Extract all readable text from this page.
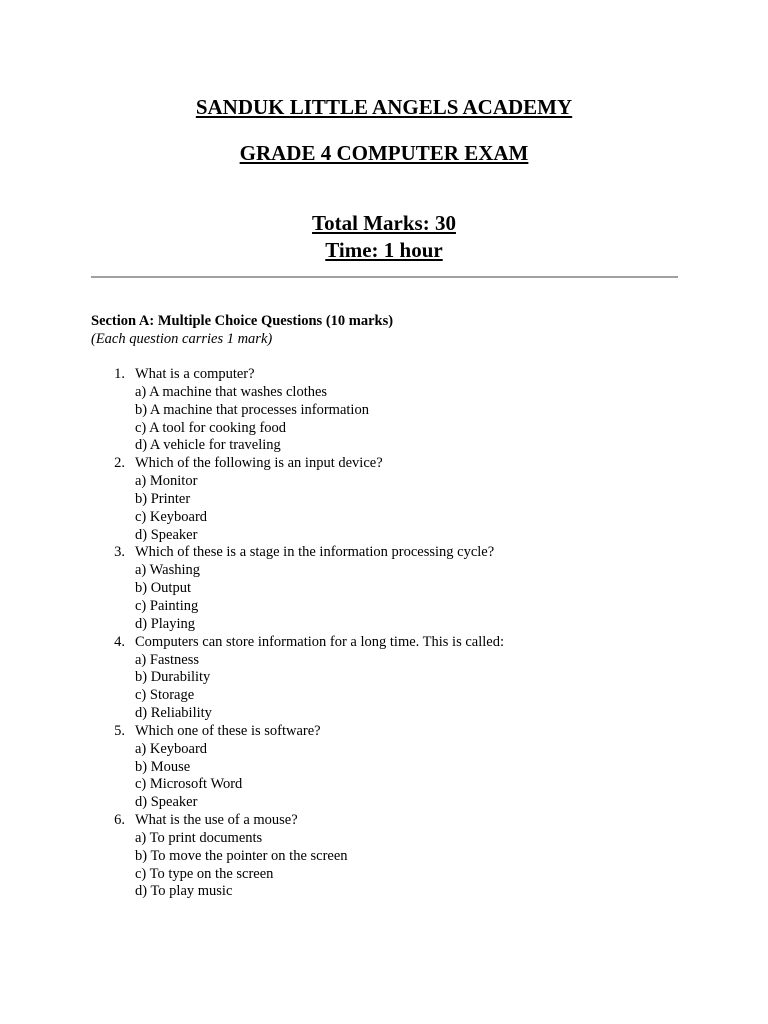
SANDUK LITTLE ANGELS ACADEMY
GRADE 4 COMPUTER EXAM
Total Marks: 30
Time: 1 hour
Section A: Multiple Choice Questions (10 marks)
(Each question carries 1 mark)
1. What is a computer?
a) A machine that washes clothes
b) A machine that processes information
c) A tool for cooking food
d) A vehicle for traveling
2. Which of the following is an input device?
a) Monitor
b) Printer
c) Keyboard
d) Speaker
3. Which of these is a stage in the information processing cycle?
a) Washing
b) Output
c) Painting
d) Playing
4. Computers can store information for a long time. This is called:
a) Fastness
b) Durability
c) Storage
d) Reliability
5. Which one of these is software?
a) Keyboard
b) Mouse
c) Microsoft Word
d) Speaker
6. What is the use of a mouse?
a) To print documents
b) To move the pointer on the screen
c) To type on the screen
d) To play music
